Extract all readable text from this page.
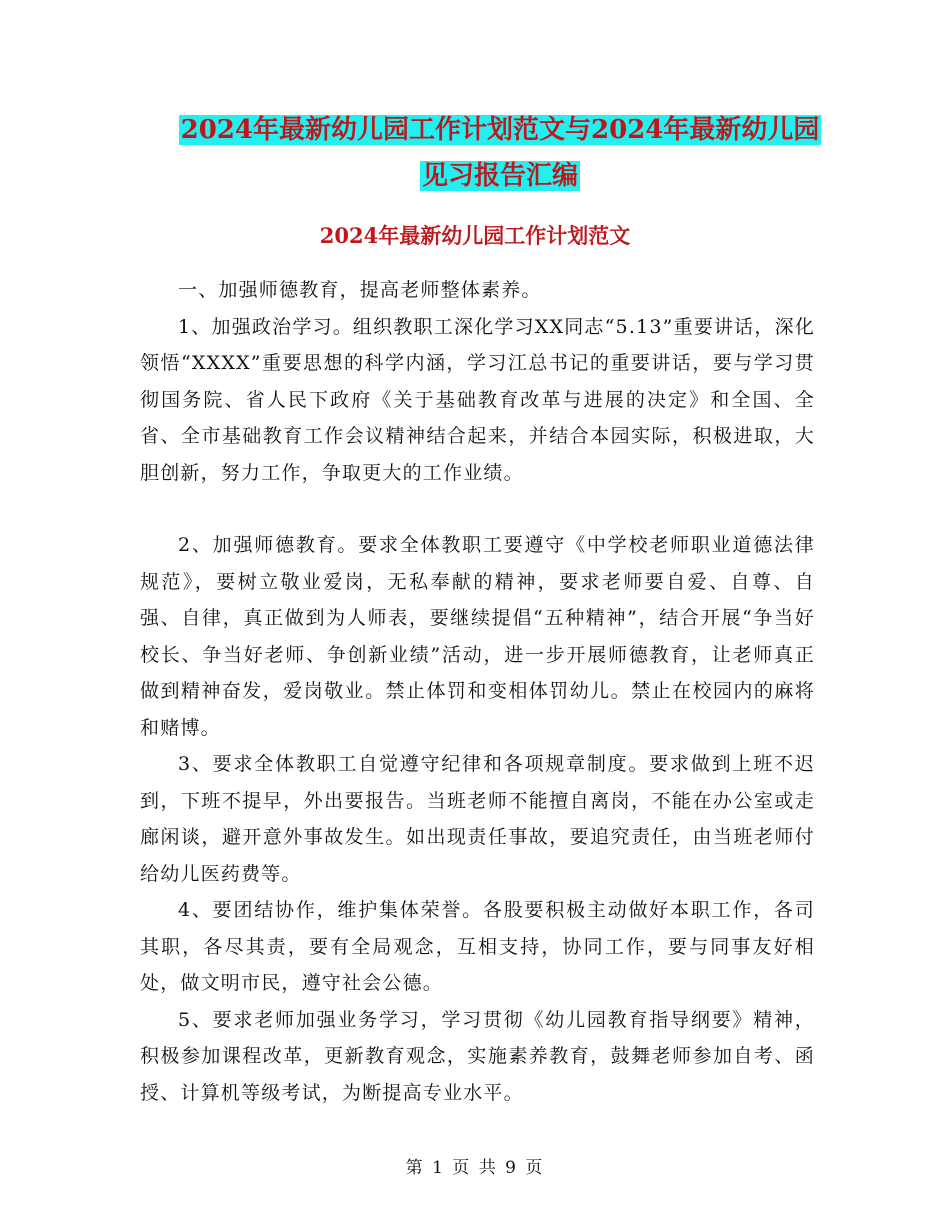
2024年最新幼儿园工作计划范文与2024年最新幼儿园
见习报告汇编
2024年最新幼儿园工作计划范文

一、加强师德教育，提高老师整体素养。

1、加强政治学习。组织教职工深化学习XX同志“5.13”重要讲话，深化领悟“XXXX”重要思想的科学内涵，学习江总书记的重要讲话，要与学习贯彻国务院、省人民下政府《关于基础教育改革与进展的决定》和全国、全省、全市基础教育工作会议精神结合起来，并结合本园实际，积极进取，大胆创新，努力工作，争取更大的工作业绩。

2、加强师德教育。要求全体教职工要遵守《中学校老师职业道德法律规范》，要树立敬业爱岗，无私奉献的精神，要求老师要自爱、自尊、自强、自律，真正做到为人师表，要继续提倡“五种精神”，结合开展“争当好校长、争当好老师、争创新业绩”活动，进一步开展师德教育，让老师真正做到精神奋发，爱岗敬业。禁止体罚和变相体罚幼儿。禁止在校园内的麻将和赌博。

3、要求全体教职工自觉遵守纪律和各项规章制度。要求做到上班不迟到，下班不提早，外出要报告。当班老师不能擅自离岗，不能在办公室或走廊闲谈，避开意外事故发生。如出现责任事故，要追究责任，由当班老师付给幼儿医药费等。

4、要团结协作，维护集体荣誉。各股要积极主动做好本职工作，各司其职，各尽其责，要有全局观念，互相支持，协同工作，要与同事友好相处，做文明市民，遵守社会公德。

5、要求老师加强业务学习，学习贯彻《幼儿园教育指导纲要》精神，积极参加课程改革，更新教育观念，实施素养教育，鼓舞老师参加自考、函授、计算机等级考试，为断提高专业水平。

第 1 页 共 9 页
